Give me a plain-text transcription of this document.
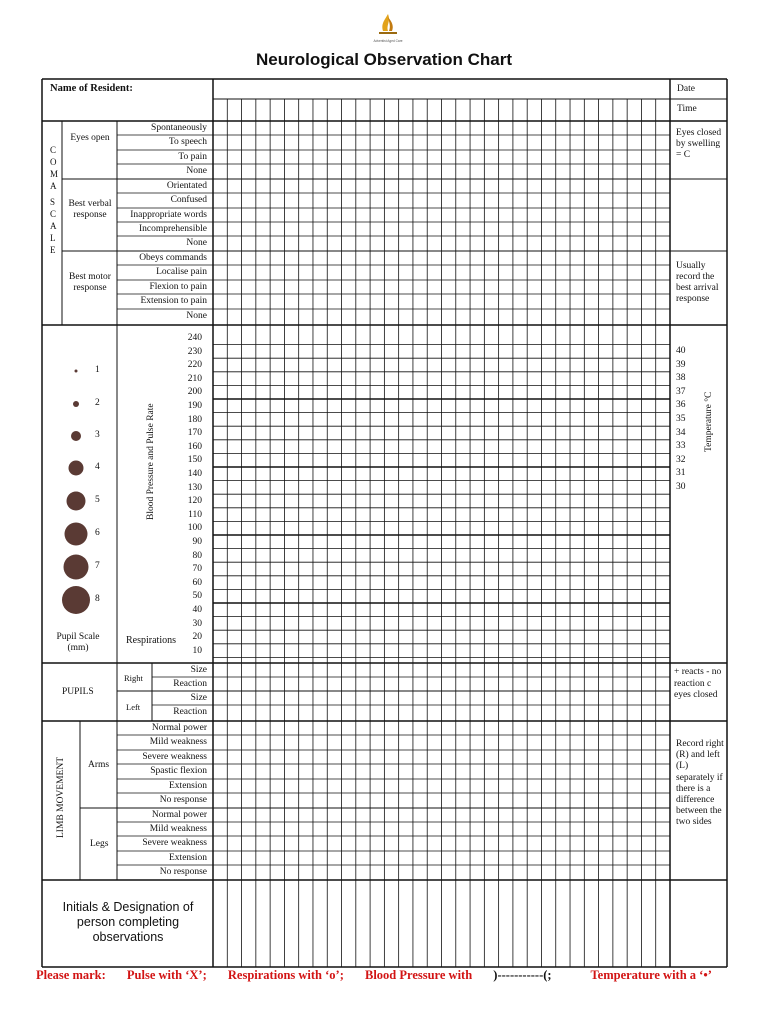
Adventist Aged Care
Neurological Observation Chart
Name of Resident:	Date
Time
C
O
M
A
S
C
A
L
E
Eyes open
Spontaneously
To speech
To pain
None
Eyes closed by swelling = C
Best verbal response
Orientated
Confused
Inappropriate words
Incomprehensible
None
Best motor response
Obeys commands
Localise pain
Flexion to pain
Extension to pain
None
Usually record the best arrival response
240
230
220
210
200
190
180
170
160
150
140
130
120
110
100
90
80
70
60
50
40
30
20
10
Blood Pressure and Pulse Rate
Respirations
Pupil Scale (mm)
1
2
3
4
5
6
7
8
40
39
38
37
36
35
34
33
32
31
30
Temperature °C
PUPILS
Right
Left
Size
Reaction
Size
Reaction
+ reacts - no reaction c eyes closed
LIMB MOVEMENT Arms
Legs
Normal power
Mild weakness
Severe weakness
Spastic flexion
Extension
No response
Normal power
Mild weakness
Severe weakness
Extension
No response
Record right (R) and left (L) separately if there is a difference between the two sides
Initials & Designation of person completing observations
Please mark: Pulse with ‘X’; Respirations with ‘o’; Blood Pressure with )-----------(;	Temperature with a ‘•’
